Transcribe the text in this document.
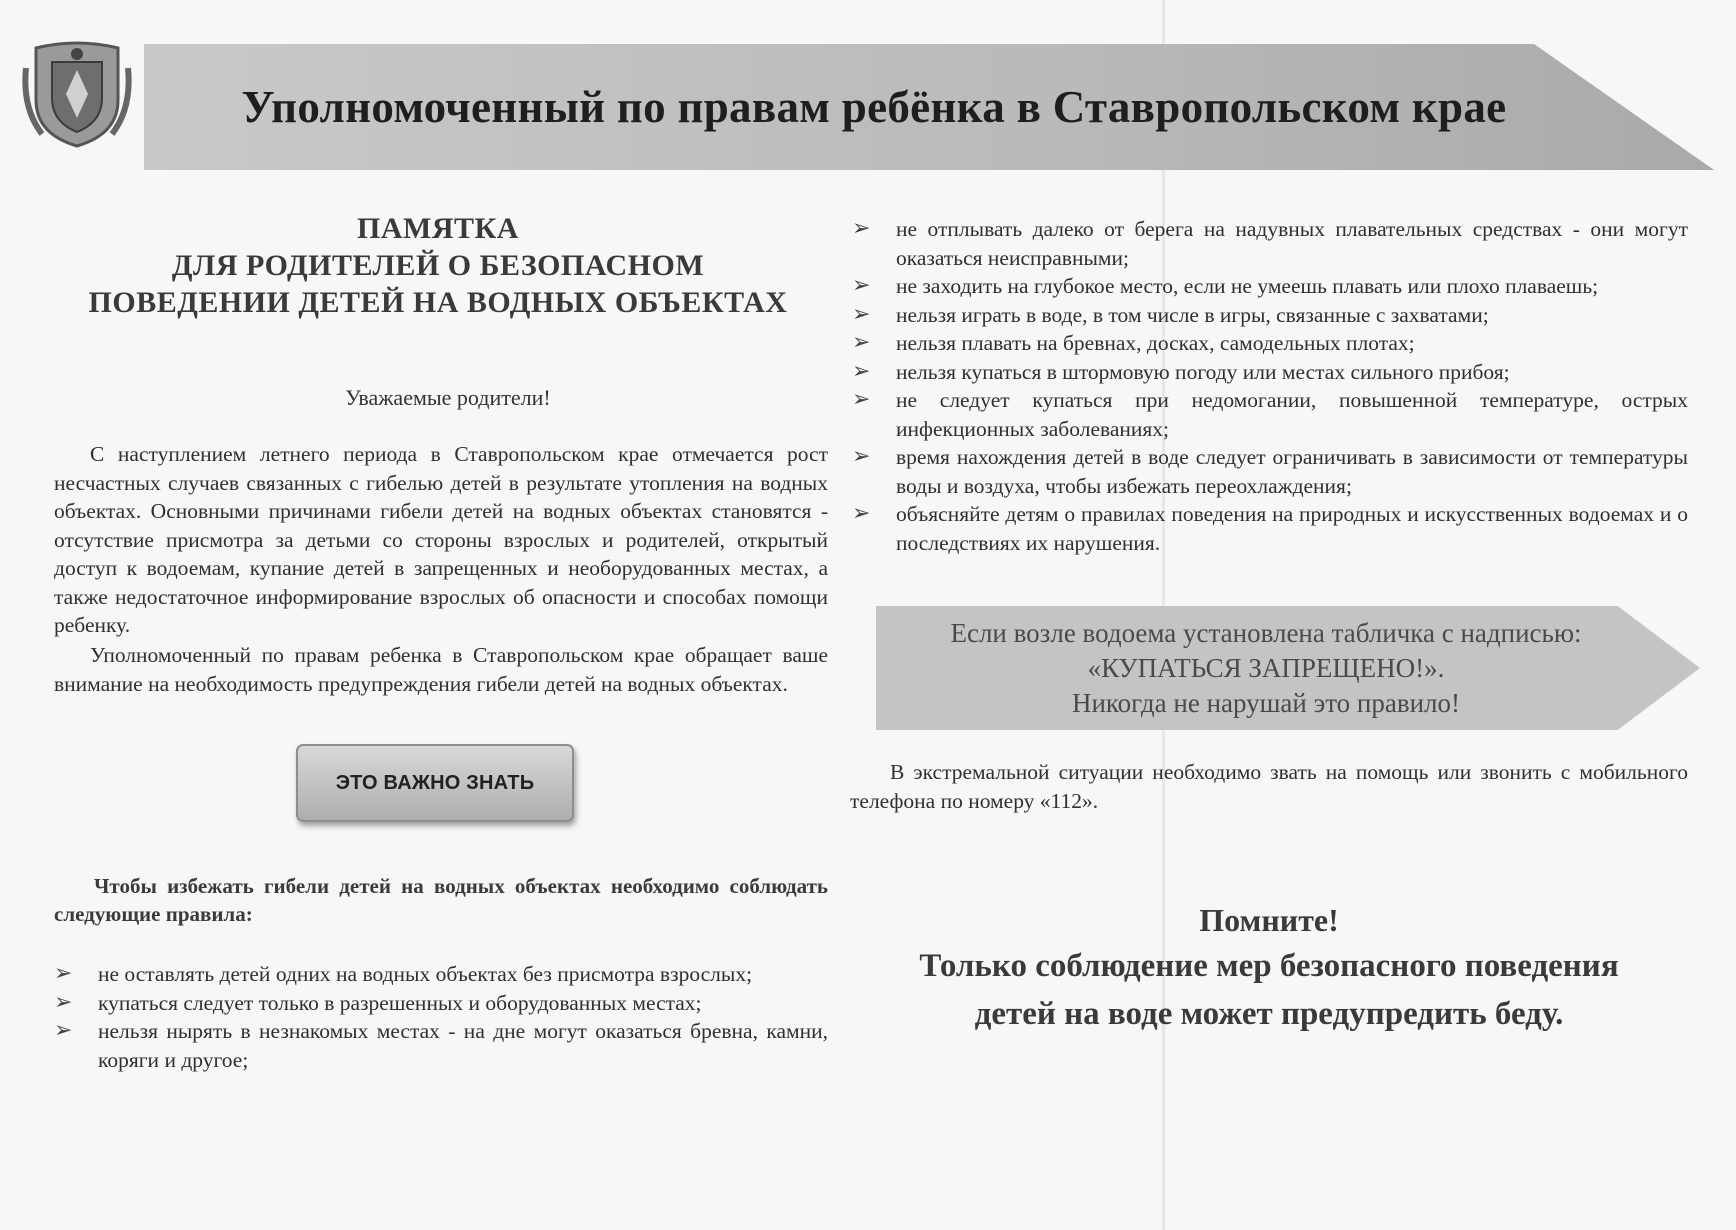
Уполномоченный по правам ребёнка в Ставропольском крае
ПАМЯТКА
ДЛЯ РОДИТЕЛЕЙ О БЕЗОПАСНОМ
ПОВЕДЕНИИ ДЕТЕЙ НА ВОДНЫХ ОБЪЕКТАХ
Уважаемые родители!
С наступлением летнего периода в Ставропольском крае отмечается рост несчастных случаев связанных с гибелью детей в результате утопления на водных объектах. Основными причинами гибели детей на водных объектах становятся - отсутствие присмотра за детьми со стороны взрослых и родителей, открытый доступ к водоемам, купание детей в запрещенных и необорудованных местах, а также недостаточное информирование взрослых об опасности и способах помощи ребенку.
Уполномоченный по правам ребенка в Ставропольском крае обращает ваше внимание на необходимость предупреждения гибели детей на водных объектах.
ЭТО ВАЖНО ЗНАТЬ
Чтобы избежать гибели детей на водных объектах необходимо соблюдать следующие правила:
➢ не оставлять детей одних на водных объектах без присмотра взрослых;
➢ купаться следует только в разрешенных и оборудованных местах;
➢ нельзя нырять в незнакомых местах - на дне могут оказаться бревна, камни, коряги и другое;
➢ не отплывать далеко от берега на надувных плавательных средствах - они могут оказаться неисправными;
➢ не заходить на глубокое место, если не умеешь плавать или плохо плаваешь;
➢ нельзя играть в воде, в том числе в игры, связанные с захватами;
➢ нельзя плавать на бревнах, досках, самодельных плотах;
➢ нельзя купаться в штормовую погоду или местах сильного прибоя;
➢ не следует купаться при недомогании, повышенной температуре, острых инфекционных заболеваниях;
➢ время нахождения детей в воде следует ограничивать в зависимости от температуры воды и воздуха, чтобы избежать переохлаждения;
➢ объясняйте детям о правилах поведения на природных и искусственных водоемах и о последствиях их нарушения.
Если возле водоема установлена табличка с надписью:
«КУПАТЬСЯ ЗАПРЕЩЕНО!».
Никогда не нарушай это правило!
В экстремальной ситуации необходимо звать на помощь или звонить с мобильного телефона по номеру «112».
Помните!
Только соблюдение мер безопасного поведения
детей на воде может предупредить беду.
